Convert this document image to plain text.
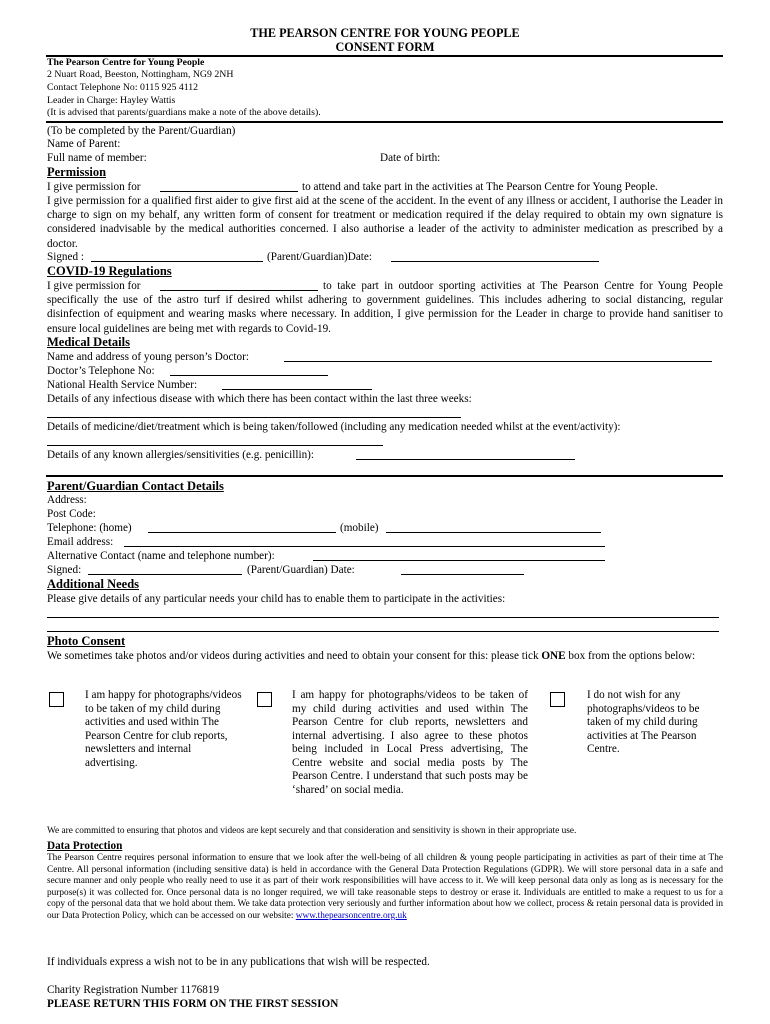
THE PEARSON CENTRE FOR YOUNG PEOPLE
CONSENT FORM
The Pearson Centre for Young People
2 Nuart Road, Beeston, Nottingham, NG9 2NH
Contact Telephone No: 0115 925 4112
Leader in Charge: Hayley Wattis
(It is advised that parents/guardians make a note of the above details).
(To be completed by the Parent/Guardian)
Name of Parent:
Full name of member:	Date of birth:
Permission
I give permission for	to attend and take part in the activities at The Pearson Centre for Young People.
I give permission for a qualified first aider to give first aid at the scene of the accident. In the event of any illness or accident, I authorise the Leader in charge to sign on my behalf, any written form of consent for treatment or medication required if the delay required to obtain my own signature is considered inadvisable by the medical authorities concerned. I also authorise a leader of the activity to administer medication as prescribed by a doctor.
Signed :	(Parent/Guardian)Date:
COVID-19 Regulations
I give permission for	to take part in outdoor sporting activities at The Pearson Centre for Young People specifically the use of the astro turf if desired whilst adhering to government guidelines. This includes adhering to social distancing, regular disinfection of equipment and wearing masks where necessary. In addition, I give permission for the Leader in charge to provide hand sanitiser to ensure local guidelines are being met with regards to Covid-19.
Medical Details
Name and address of young person’s Doctor:
Doctor’s Telephone No:
National Health Service Number:
Details of any infectious disease with which there has been contact within the last three weeks:
Details of medicine/diet/treatment which is being taken/followed (including any medication needed whilst at the event/activity):
Details of any known allergies/sensitivities (e.g. penicillin):
Parent/Guardian Contact Details
Address:
Post Code:
Telephone: (home)	(mobile)
Email address:
Alternative Contact (name and telephone number):
Signed:	(Parent/Guardian) Date:
Additional Needs
Please give details of any particular needs your child has to enable them to participate in the activities:
Photo Consent
We sometimes take photos and/or videos during activities and need to obtain your consent for this: please tick ONE box from the options below:
I am happy for photographs/videos to be taken of my child during activities and used within The Pearson Centre for club reports, newsletters and internal advertising.
I am happy for photographs/videos to be taken of my child during activities and used within The Pearson Centre for club reports, newsletters and internal advertising. I also agree to these photos being included in Local Press advertising, The Centre website and social media posts by The Pearson Centre. I understand that such posts may be ‘shared’ on social media.
I do not wish for any photographs/videos to be taken of my child during activities at The Pearson Centre.
We are committed to ensuring that photos and videos are kept securely and that consideration and sensitivity is shown in their appropriate use.
Data Protection
The Pearson Centre requires personal information to ensure that we look after the well-being of all children & young people participating in activities as part of their time at The Centre. All personal information (including sensitive data) is held in accordance with the General Data Protection Regulations (GDPR). We will store personal data in a safe and secure manner and only people who really need to use it as part of their work responsibilities will have access to it. We will keep personal data only as long as is necessary for the purpose(s) it was collected for. Once personal data is no longer required, we will take reasonable steps to destroy or erase it. Individuals are entitled to make a request to us for a copy of the personal data that we hold about them. We take data protection very seriously and further information about how we collect, process & retain personal data is provided in our Data Protection Policy, which can be accessed on our website: www.thepearsoncentre.org.uk
If individuals express a wish not to be in any publications that wish will be respected.
Charity Registration Number 1176819
PLEASE RETURN THIS FORM ON THE FIRST SESSION
